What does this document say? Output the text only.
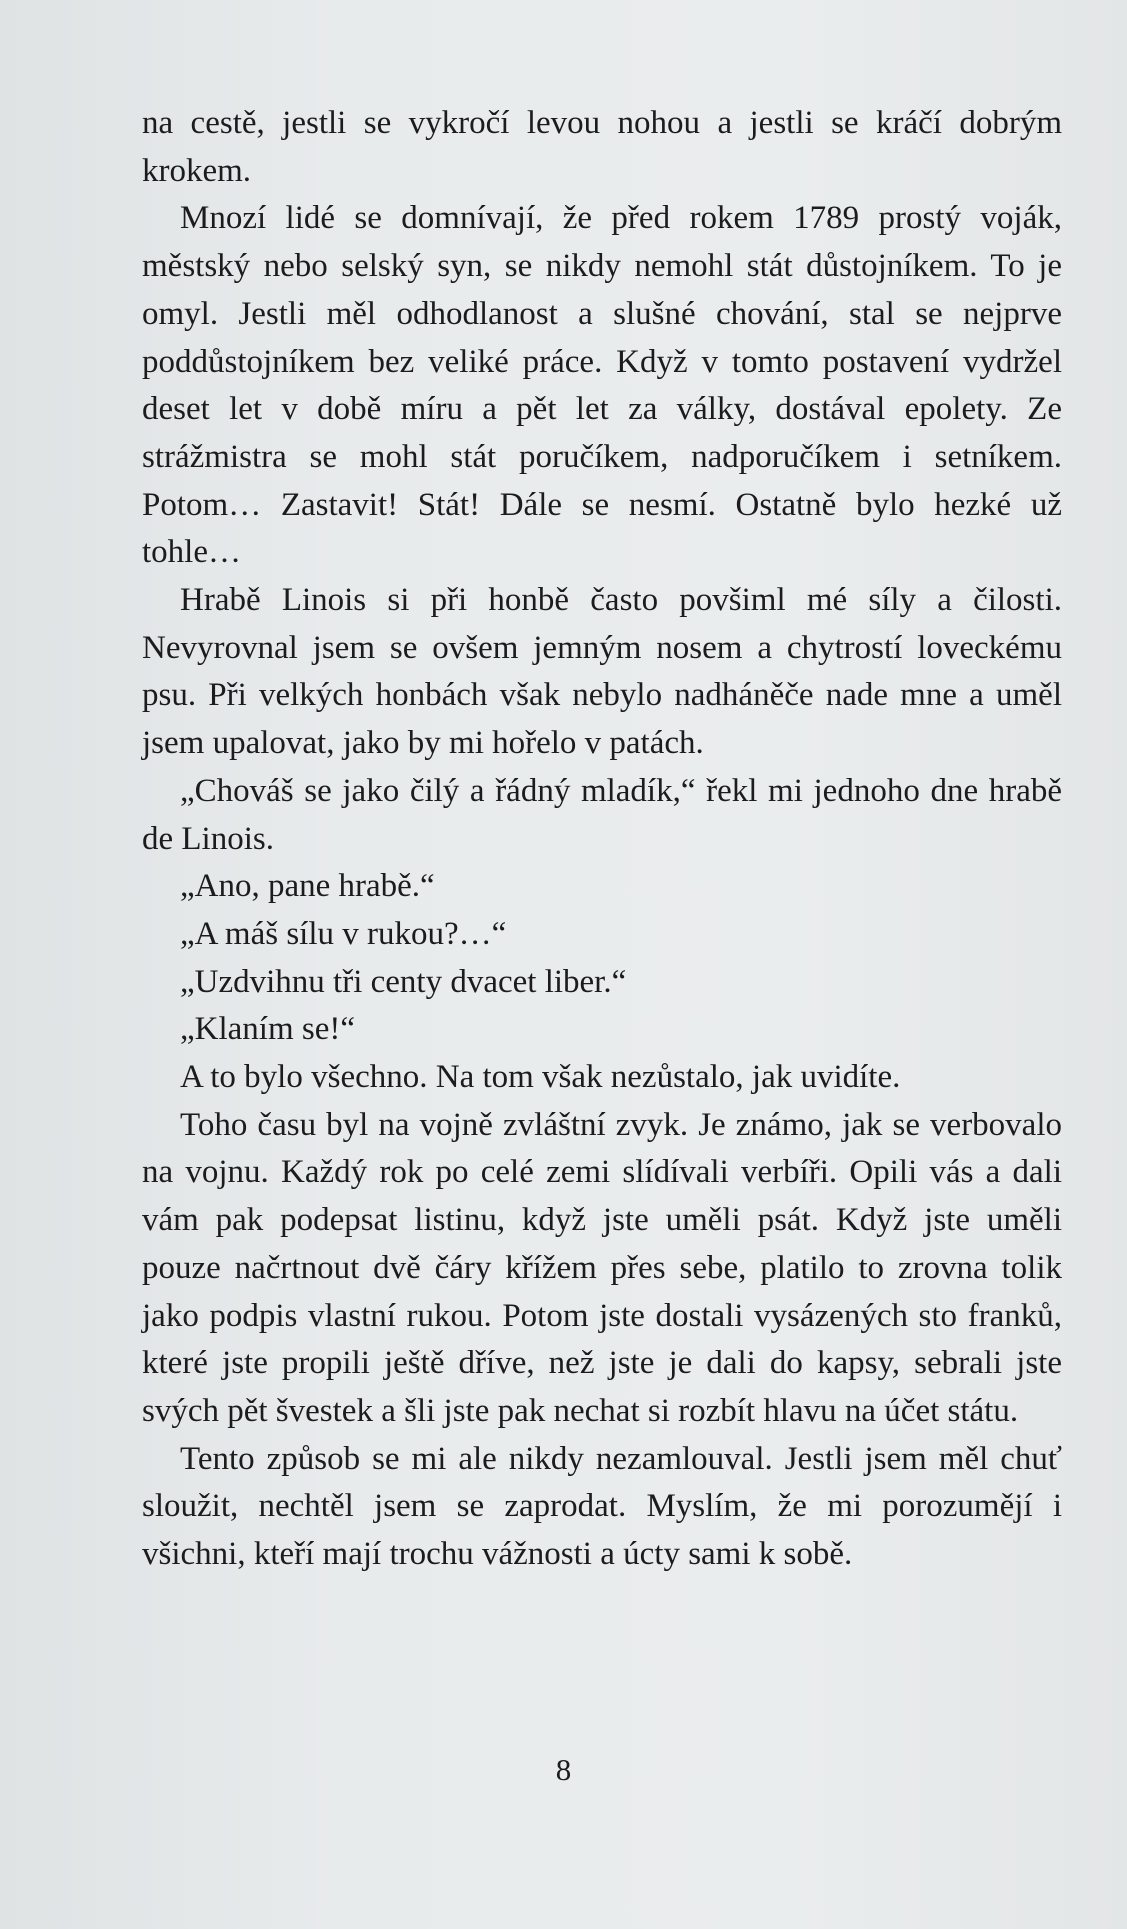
na cestě, jestli se vykročí levou nohou a jestli se kráčí dobrým krokem.

Mnozí lidé se domnívají, že před rokem 1789 prostý voják, městský nebo selský syn, se nikdy nemohl stát důstojníkem. To je omyl. Jestli měl odhodlanost a slušné chování, stal se nejprve poddůstojníkem bez veliké práce. Když v tomto postavení vydržel deset let v době míru a pět let za války, dostával epolety. Ze strážmistra se mohl stát poručíkem, nadporučíkem i setníkem. Potom… Zastavit! Stát! Dále se nesmí. Ostatně bylo hezké už tohle…

Hrabě Linois si při honbě často povšiml mé síly a čilosti. Nevyrovnal jsem se ovšem jemným nosem a chytrostí loveckému psu. Při velkých honbách však nebylo nadháněče nade mne a uměl jsem upalovat, jako by mi hořelo v patách.

„Chováš se jako čilý a řádný mladík,“ řekl mi jednoho dne hrabě de Linois.

„Ano, pane hrabě.“

„A máš sílu v rukou?…“

„Uzdvihnu tři centy dvacet liber.“

„Klaním se!“

A to bylo všechno. Na tom však nezůstalo, jak uvidíte.

Toho času byl na vojně zvláštní zvyk. Je známo, jak se verbovalo na vojnu. Každý rok po celé zemi slídívali verbíři. Opili vás a dali vám pak podepsat listinu, když jste uměli psát. Když jste uměli pouze načrtnout dvě čáry křížem přes sebe, platilo to zrovna tolik jako podpis vlastní rukou. Potom jste dostali vysázených sto franků, které jste propili ještě dříve, než jste je dali do kapsy, sebrali jste svých pět švestek a šli jste pak nechat si rozbít hlavu na účet státu.

Tento způsob se mi ale nikdy nezamlouval. Jestli jsem měl chuť sloužit, nechtěl jsem se zaprodat. Myslím, že mi porozumějí i všichni, kteří mají trochu vážnosti a úcty sami k sobě.

8
